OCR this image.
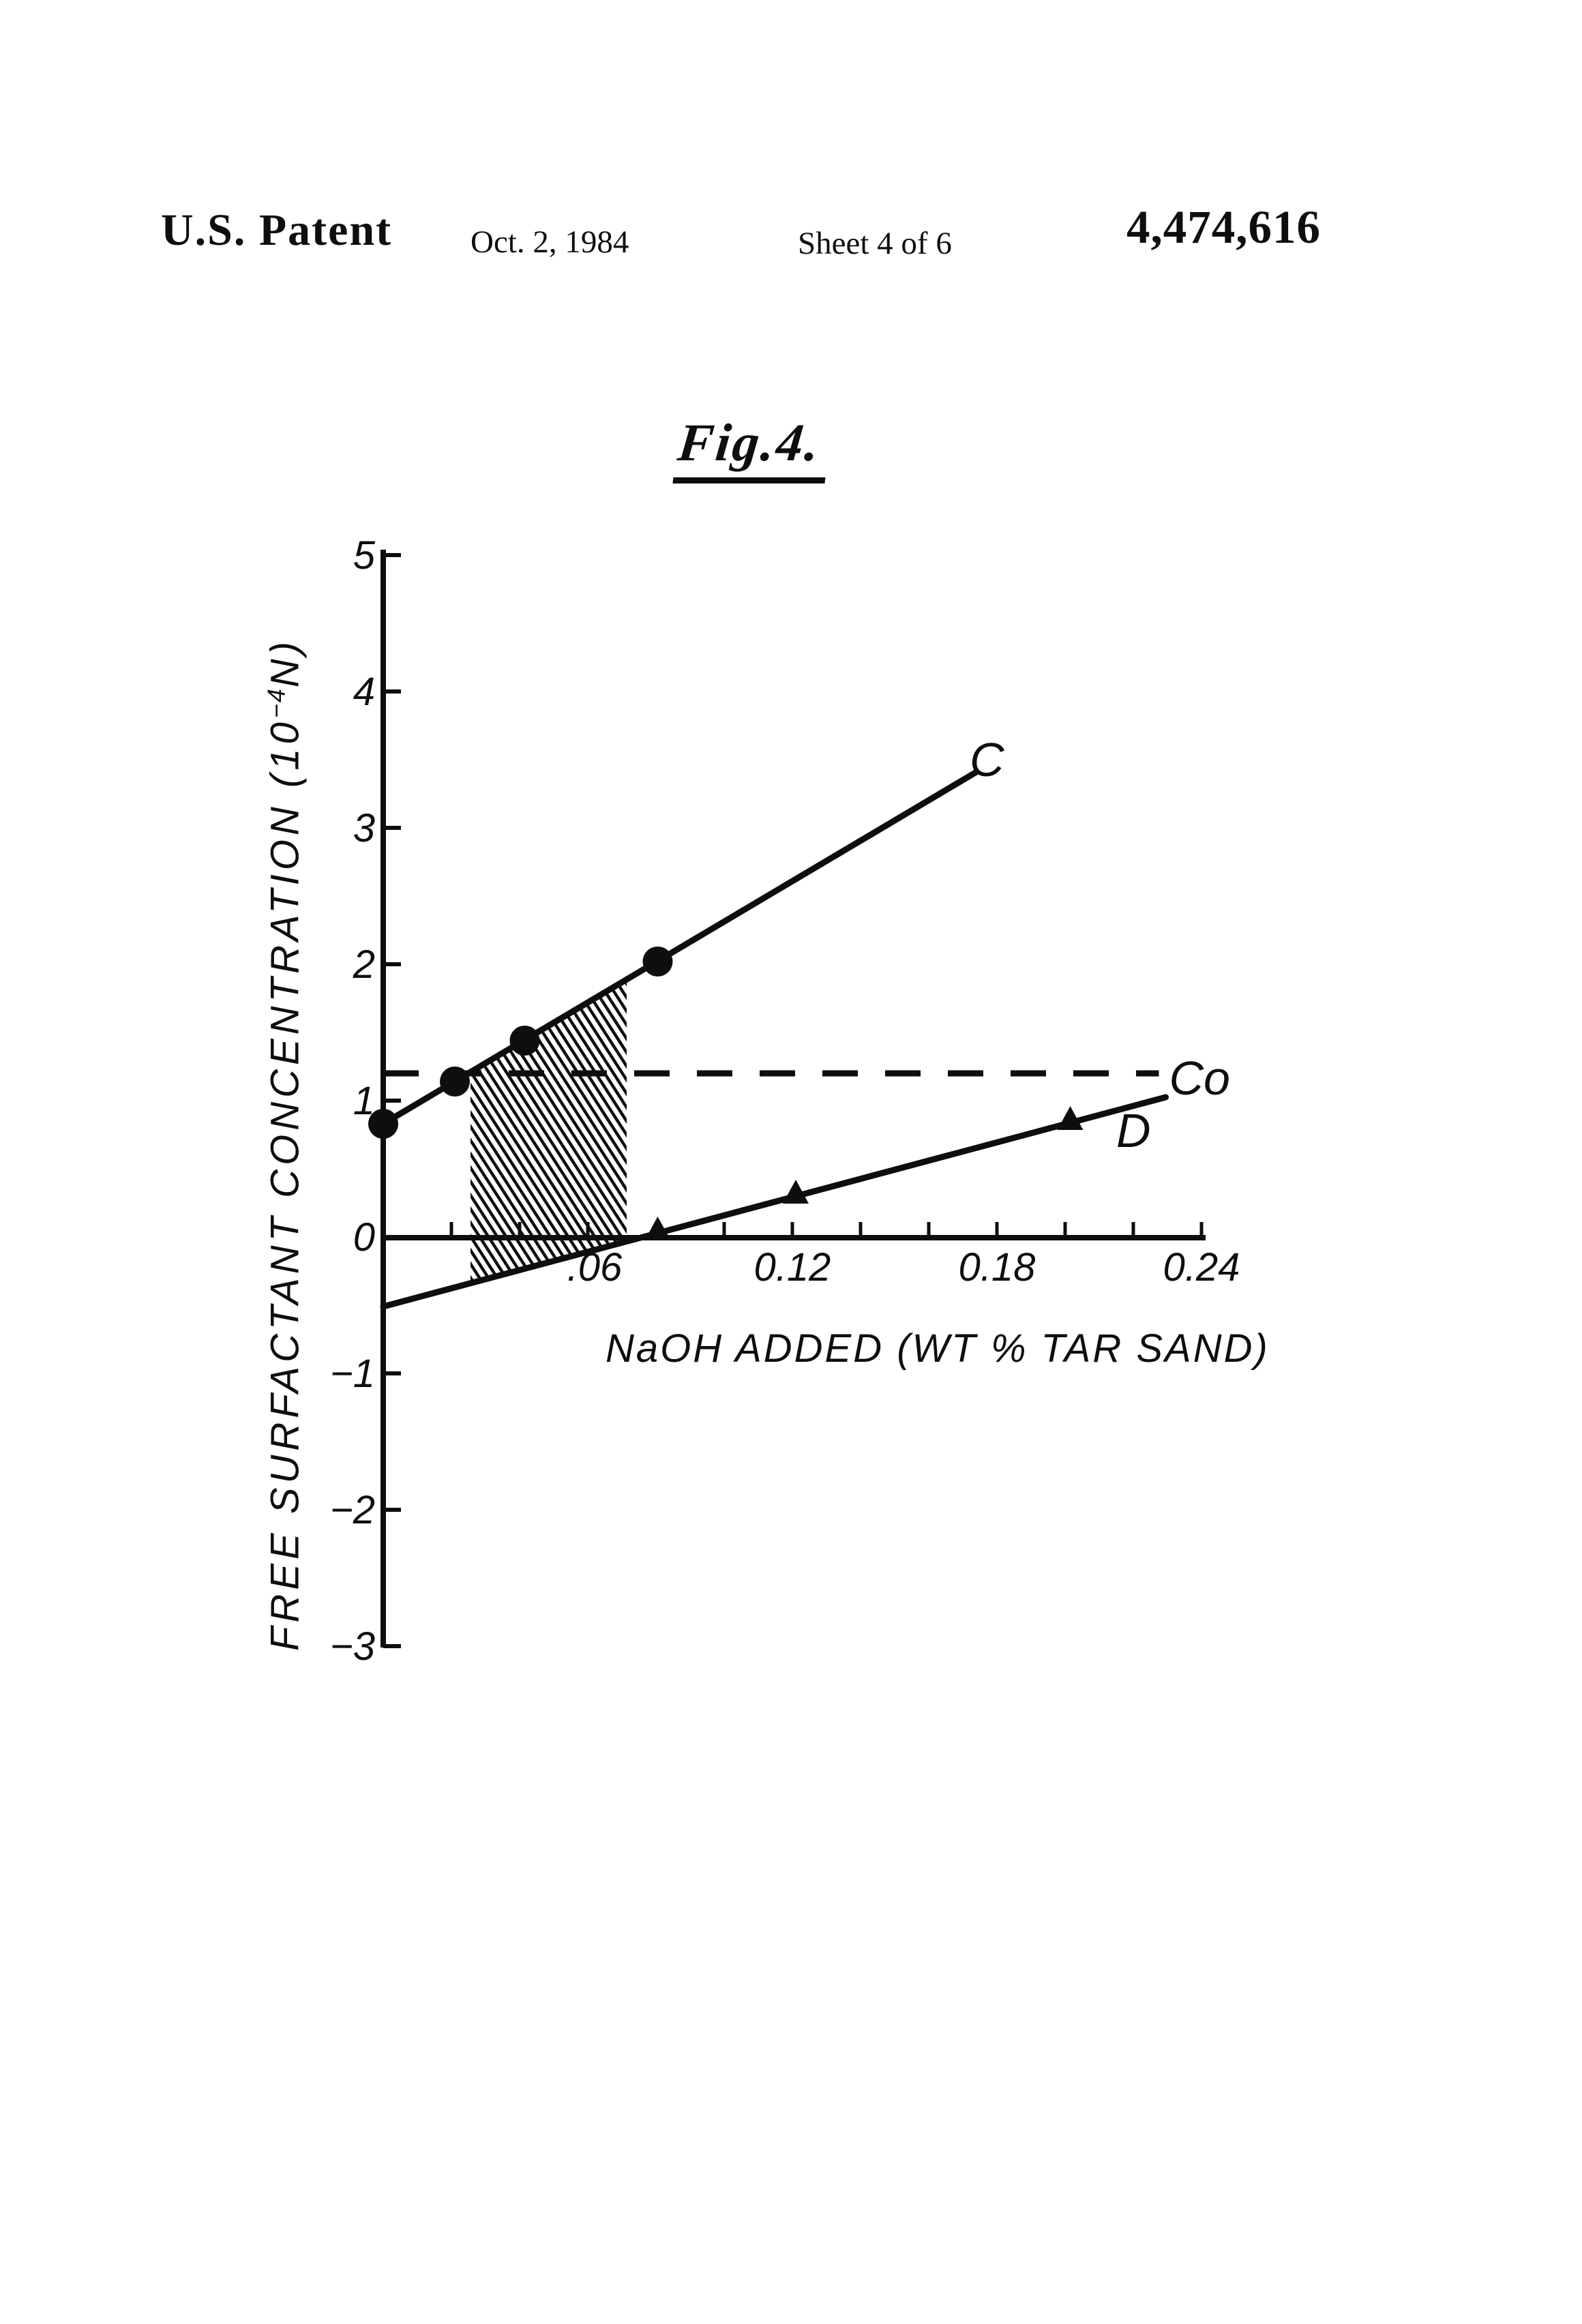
U.S. Patent Oct. 2, 1984	Sheet 4 of 6	4,474,616
Fig.4.
FREE SURFACTANT CONCENTRATION $(10^{-4}N)$
NaOH ADDED (WT % TAR SAND)
Co
C
D
5
4
3
2
1
0
−1
−2
−3
.06	0.12	0.18	0.24
